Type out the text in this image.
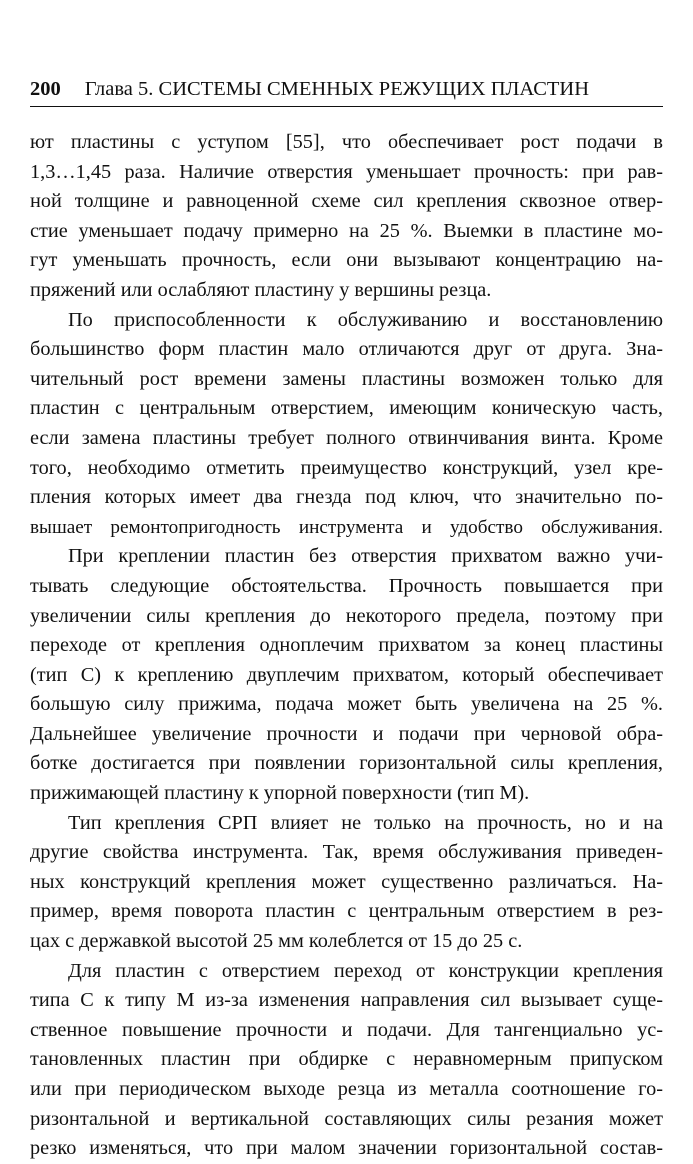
200 Глава 5. СИСТЕМЫ СМЕННЫХ РЕЖУЩИХ ПЛАСТИН

ют пластины с уступом [55], что обеспечивает рост подачи в
1,3…1,45 раза. Наличие отверстия уменьшает прочность: при рав-
ной толщине и равноценной схеме сил крепления сквозное отвер-
стие уменьшает подачу примерно на 25 %. Выемки в пластине мо-
гут уменьшать прочность, если они вызывают концентрацию на-
пряжений или ослабляют пластину у вершины резца.

По приспособленности к обслуживанию и восстановлению
большинство форм пластин мало отличаются друг от друга. Зна-
чительный рост времени замены пластины возможен только для
пластин с центральным отверстием, имеющим коническую часть,
если замена пластины требует полного отвинчивания винта. Кроме
того, необходимо отметить преимущество конструкций, узел кре-
пления которых имеет два гнезда под ключ, что значительно по-
вышает ремонтопригодность инструмента и удобство обслуживания.

При креплении пластин без отверстия прихватом важно учи-
тывать следующие обстоятельства. Прочность повышается при
увеличении силы крепления до некоторого предела, поэтому при
переходе от крепления одноплечим прихватом за конец пластины
(тип С) к креплению двуплечим прихватом, который обеспечивает
большую силу прижима, подача может быть увеличена на 25 %.
Дальнейшее увеличение прочности и подачи при черновой обра-
ботке достигается при появлении горизонтальной силы крепления,
прижимающей пластину к упорной поверхности (тип М).

Тип крепления СРП влияет не только на прочность, но и на
другие свойства инструмента. Так, время обслуживания приведен-
ных конструкций крепления может существенно различаться. На-
пример, время поворота пластин с центральным отверстием в рез-
цах с державкой высотой 25 мм колеблется от 15 до 25 с.

Для пластин с отверстием переход от конструкции крепления
типа С к типу М из-за изменения направления сил вызывает суще-
ственное повышение прочности и подачи. Для тангенциально ус-
тановленных пластин при обдирке с неравномерным припуском
или при периодическом выходе резца из металла соотношение го-
ризонтальной и вертикальной составляющих силы резания может
резко изменяться, что при малом значении горизонтальной состав-
